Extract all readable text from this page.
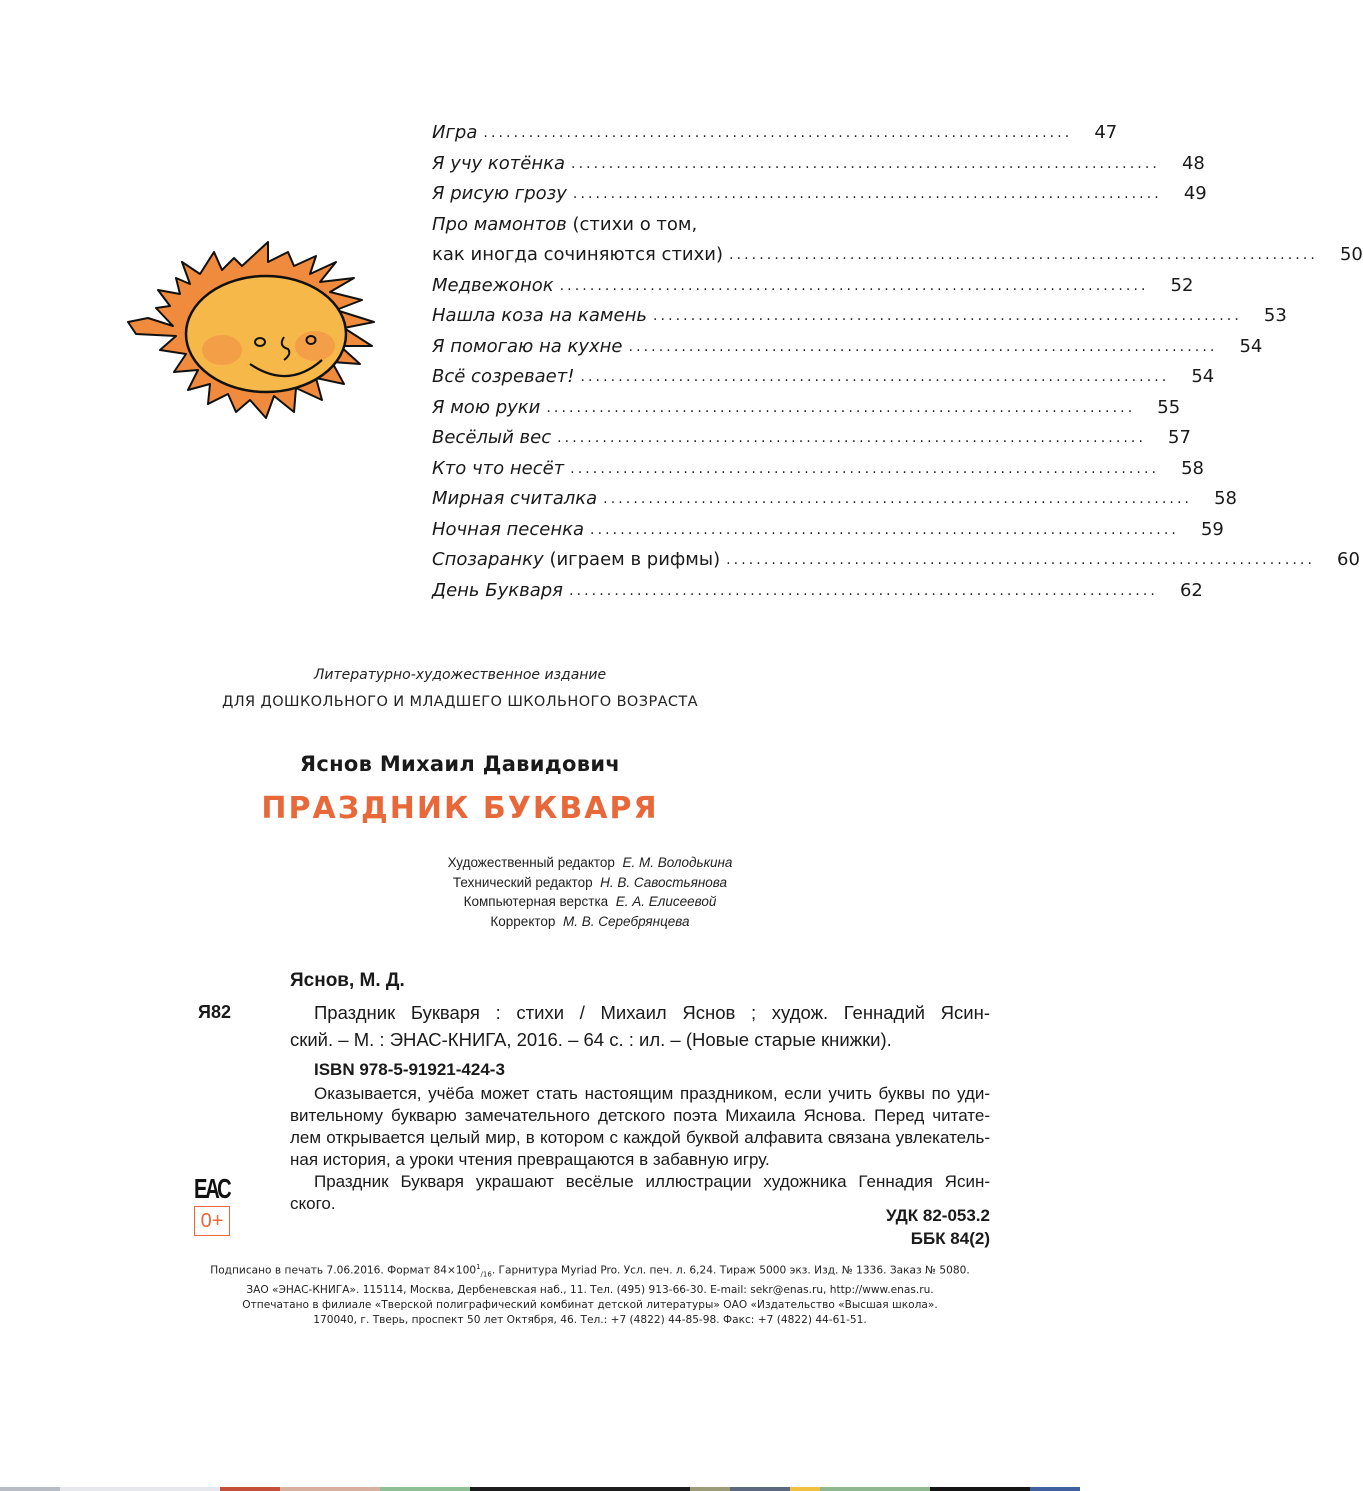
Игра .............................................................................. 47
Я учу котёнка .............................................................................. 48
Я рисую грозу .............................................................................. 49
Про мамонтов (стихи о том,
как иногда сочиняются стихи) .............................................................................. 50
Медвежонок .............................................................................. 52
Нашла коза на камень .............................................................................. 53
Я помогаю на кухне .............................................................................. 54
Всё созревает! .............................................................................. 54
Я мою руки .............................................................................. 55
Весёлый вес .............................................................................. 57
Кто что несёт .............................................................................. 58
Мирная считалка .............................................................................. 58
Ночная песенка .............................................................................. 59
Спозаранку (играем в рифмы) .............................................................................. 60
День Букваря .............................................................................. 62
Литературно-художественное издание
ДЛЯ ДОШКОЛЬНОГО И МЛАДШЕГО ШКОЛЬНОГО ВОЗРАСТА
Яснов Михаил Давидович
ПРАЗДНИК БУКВАРЯ
Художественный редактор Е. М. Володькина
Технический редактор Н. В. Савостьянова
Компьютерная верстка Е. А. Елисеевой
Корректор М. В. Серебрянцева
Яснов, М. Д.
Я82	Праздник Букваря : стихи / Михаил Яснов ; худож. Геннадий Ясин-
ский. – М. : ЭНАС-КНИГА, 2016. – 64 с. : ил. – (Новые старые книжки).
ISBN 978-5-91921-424-3

Оказывается, учёба может стать настоящим праздником, если учить буквы по уди-

вительному букварю замечательного детского поэта Михаила Яснова. Перед читате-
лем открывается целый мир, в котором с каждой буквой алфавита связана увлекатель-
ная история, а уроки чтения превращаются в забавную игру.

Праздник Букваря украшают весёлые иллюстрации художника Геннадия Ясин-

ского.
УДК 82-053.2
ББК 84(2)
ЕАС
0+
Подписано в печать 7.06.2016. Формат $84\times 100^1_{/16}$. Гарнитура Myriad Pro. Усл. печ. л. 6,24. Тираж 5000 экз. Изд. № 1336. Заказ № 5080.
ЗАО «ЭНАС-КНИГА». 115114, Москва, Дербеневская наб., 11. Тел. (495) 913-66-30. E-mail: sekr@enas.ru, http://www.enas.ru.
Отпечатано в филиале «Тверской полиграфический комбинат детской литературы» ОАО «Издательство «Высшая школа».
170040, г. Тверь, проспект 50 лет Октября, 46. Тел.: +7 (4822) 44-85-98. Факс: +7 (4822) 44-61-51.
